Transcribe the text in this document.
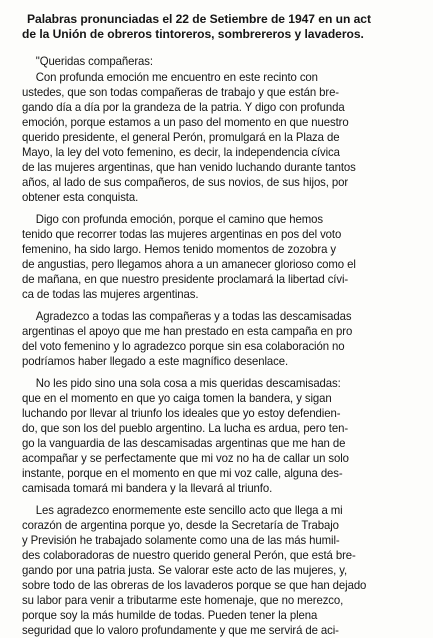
Palabras pronunciadas el 22 de Setiembre de 1947 en un act
de la Unión de obreros tintoreros, sombrereros y lavaderos.
"Queridas compañeras:
Con profunda emoción me encuentro en este recinto con
ustedes, que son todas compañeras de trabajo y que están bre-
gando día a día por la grandeza de la patria. Y digo con profunda
emoción, porque estamos a un paso del momento en que nuestro
querido presidente, el general Perón, promulgará en la Plaza de
Mayo, la ley del voto femenino, es decir, la independencia cívica
de las mujeres argentinas, que han venido luchando durante tantos
años, al lado de sus compañeros, de sus novios, de sus hijos, por
obtener esta conquista.
Digo con profunda emoción, porque el camino que hemos
tenido que recorrer todas las mujeres argentinas en pos del voto
femenino, ha sido largo. Hemos tenido momentos de zozobra y
de angustias, pero llegamos ahora a un amanecer glorioso como el
de mañana, en que nuestro presidente proclamará la libertad cívi-
ca de todas las mujeres argentinas.
Agradezco a todas las compañeras y a todas las descamisadas
argentinas el apoyo que me han prestado en esta campaña en pro
del voto femenino y lo agradezco porque sin esa colaboración no
podríamos haber llegado a este magnífico desenlace.
No les pido sino una sola cosa a mis queridas descamisadas:
que en el momento en que yo caiga tomen la bandera, y sigan
luchando por llevar al triunfo los ideales que yo estoy defendien-
do, que son los del pueblo argentino. La lucha es ardua, pero ten-
go la vanguardia de las descamisadas argentinas que me han de
acompañar y se perfectamente que mi voz no ha de callar un solo
instante, porque en el momento en que mi voz calle, alguna des-
camisada tomará mi bandera y la llevará al triunfo.
Les agradezco enormemente este sencillo acto que llega a mi
corazón de argentina porque yo, desde la Secretaría de Trabajo
y Previsión he trabajado solamente como una de las más humil-
des colaboradoras de nuestro querido general Perón, que está bre-
gando por una patria justa. Se valorar este acto de las mujeres, y,
sobre todo de las obreras de los lavaderos porque se que han dejado
su labor para venir a tributarme este homenaje, que no merezco,
porque soy la más humilde de todas. Pueden tener la plena
seguridad que lo valoro profundamente y que me servirá de aci-
